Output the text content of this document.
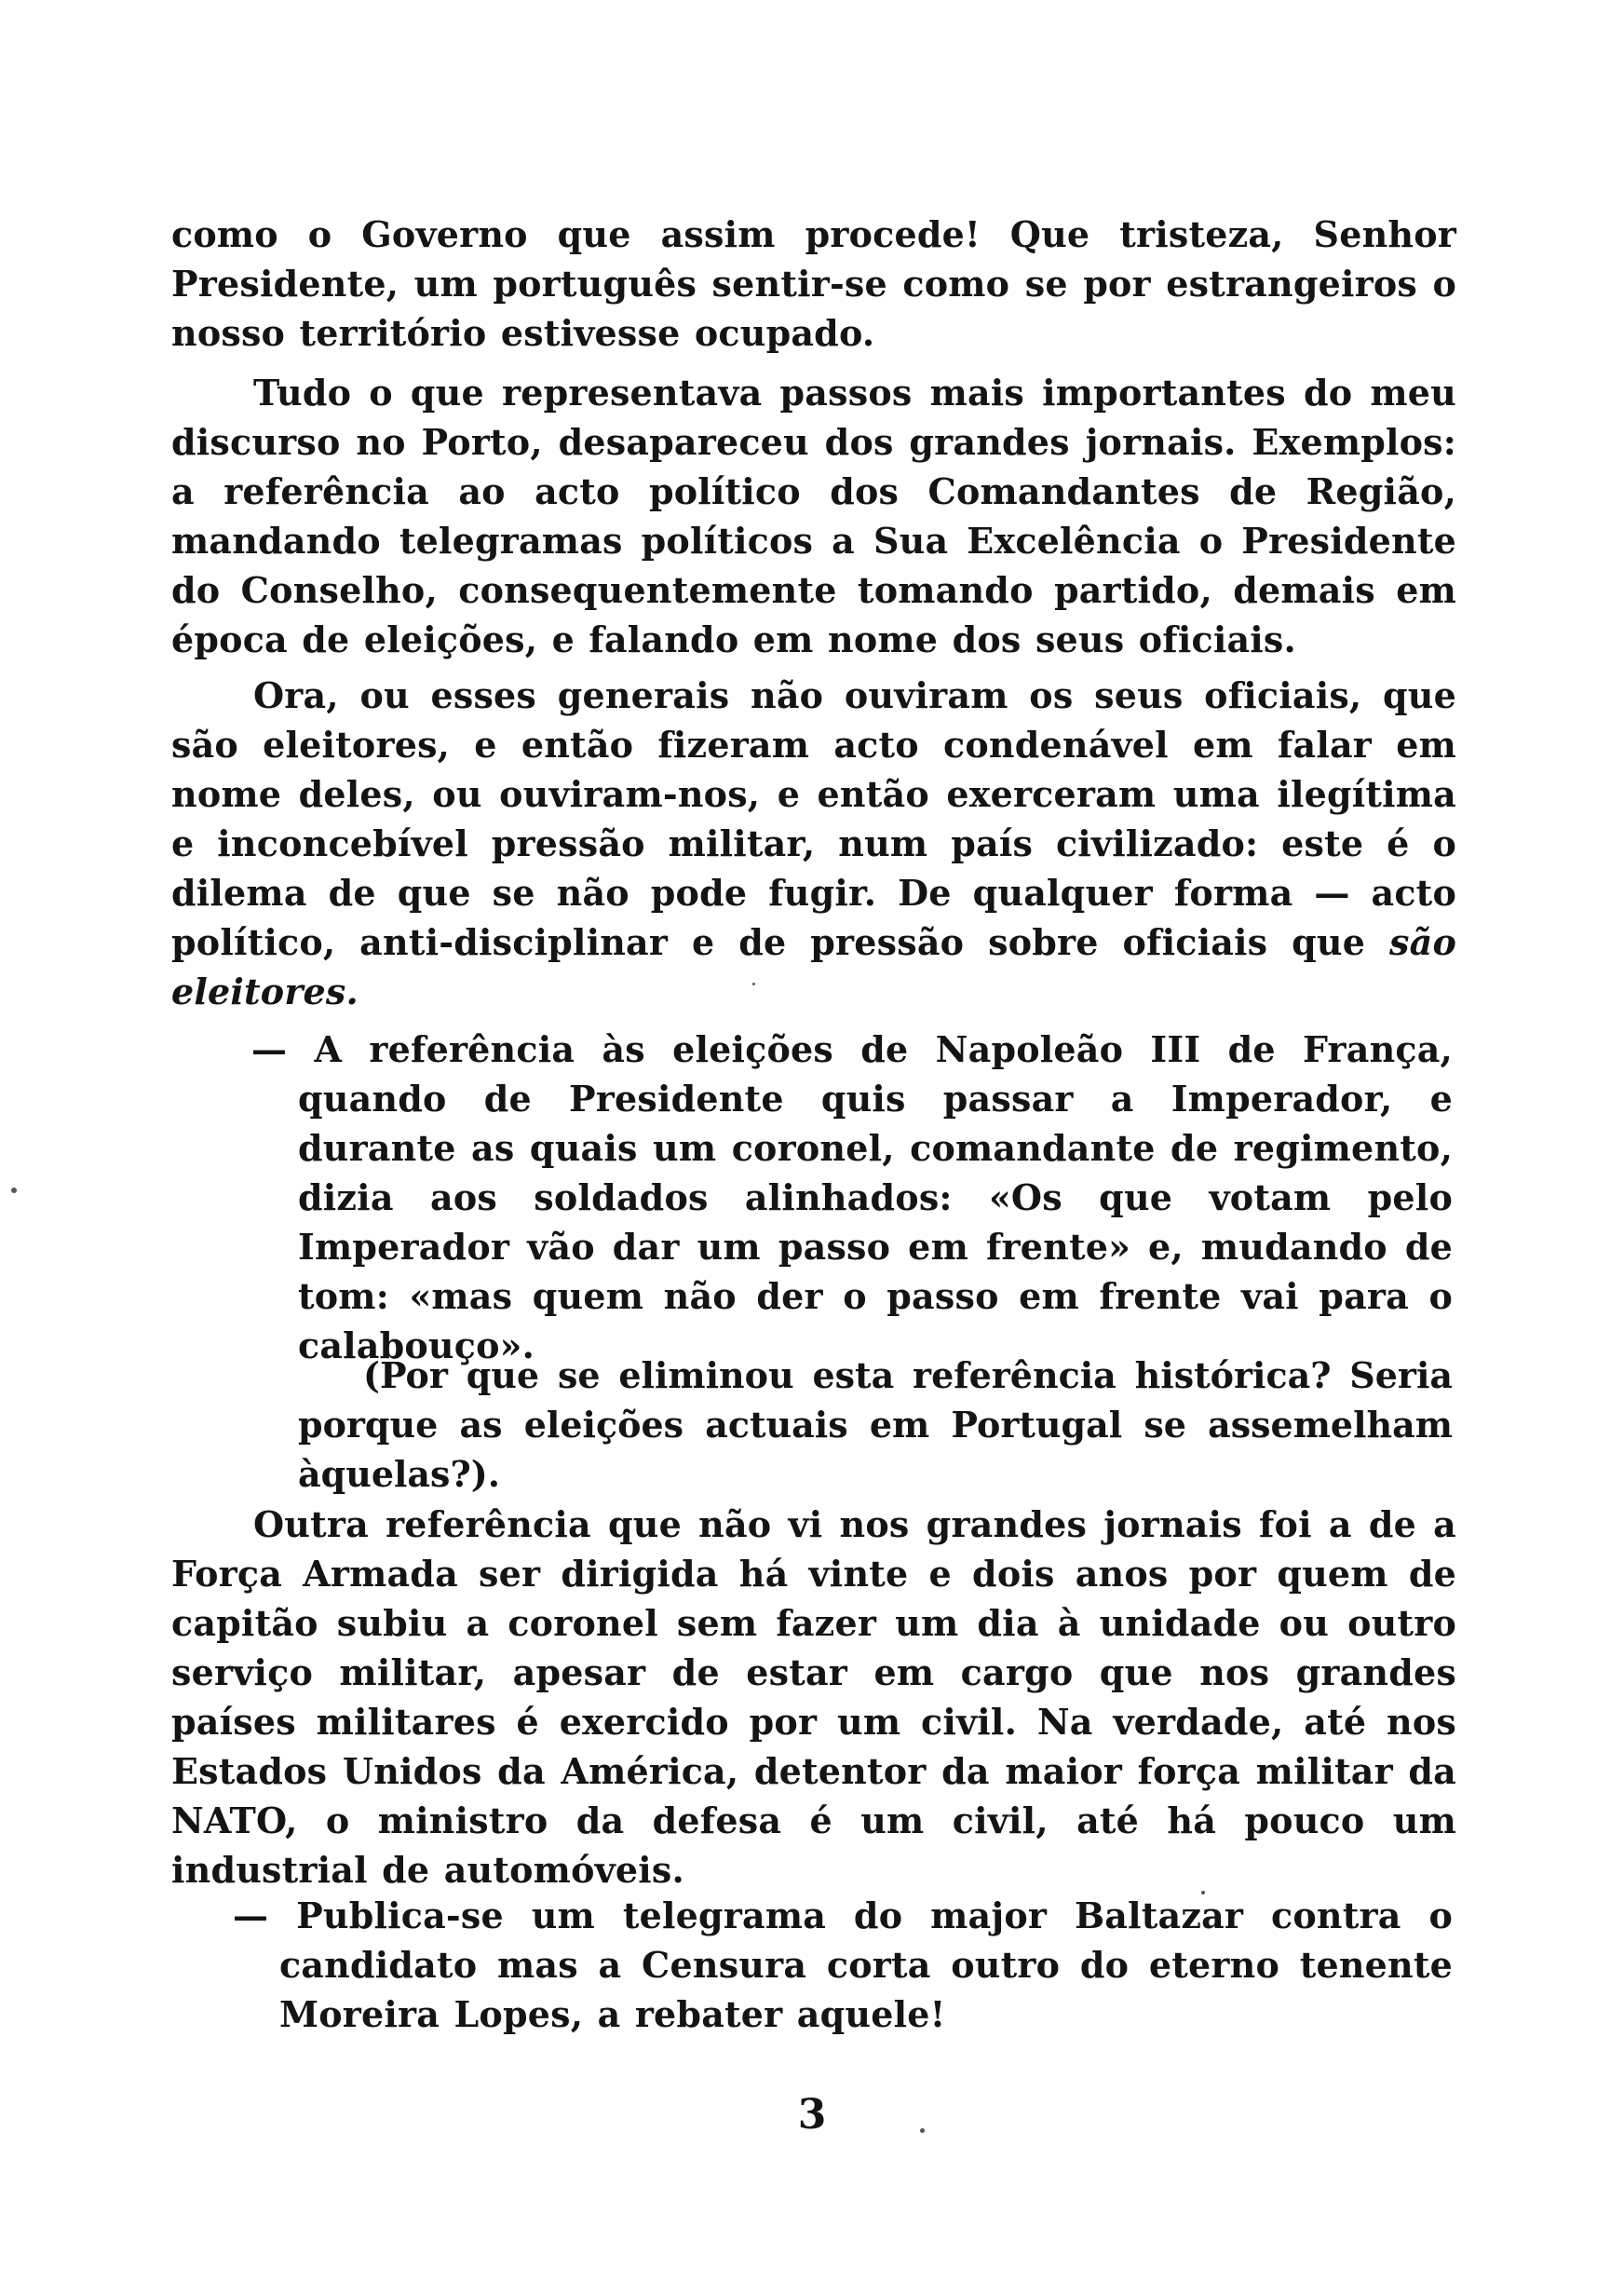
como o Governo que assim procede! Que tristeza, Senhor Presidente, um português sentir-se como se por estrangeiros o nosso território estivesse ocupado.

Tudo o que representava passos mais importantes do meu discurso no Porto, desapareceu dos grandes jornais. Exemplos: a referência ao acto político dos Comandantes de Região, mandando telegramas políticos a Sua Excelência o Presidente do Conselho, consequentemente tomando partido, demais em época de eleições, e falando em nome dos seus oficiais.

Ora, ou esses generais não ouviram os seus oficiais, que são eleitores, e então fizeram acto condenável em falar em nome deles, ou ouviram-nos, e então exerceram uma ilegítima e inconcebível pressão militar, num país civilizado: este é o dilema de que se não pode fugir. De qualquer forma — acto político, anti-disciplinar e de pressão sobre oficiais que são eleitores.

— A referência às eleições de Napoleão III de França, quando de Presidente quis passar a Imperador, e durante as quais um coronel, comandante de regimento, dizia aos soldados alinhados: «Os que votam pelo Imperador vão dar um passo em frente» e, mudando de tom: «mas quem não der o passo em frente vai para o calabouço».

(Por que se eliminou esta referência histórica? Seria porque as eleições actuais em Portugal se assemelham àquelas?).

Outra referência que não vi nos grandes jornais foi a de a Força Armada ser dirigida há vinte e dois anos por quem de capitão subiu a coronel sem fazer um dia à unidade ou outro serviço militar, apesar de estar em cargo que nos grandes países militares é exercido por um civil. Na verdade, até nos Estados Unidos da América, detentor da maior força militar da NATO, o ministro da defesa é um civil, até há pouco um industrial de automóveis.

— Publica-se um telegrama do major Baltazar contra o candidato mas a Censura corta outro do eterno tenente Moreira Lopes, a rebater aquele!

3
